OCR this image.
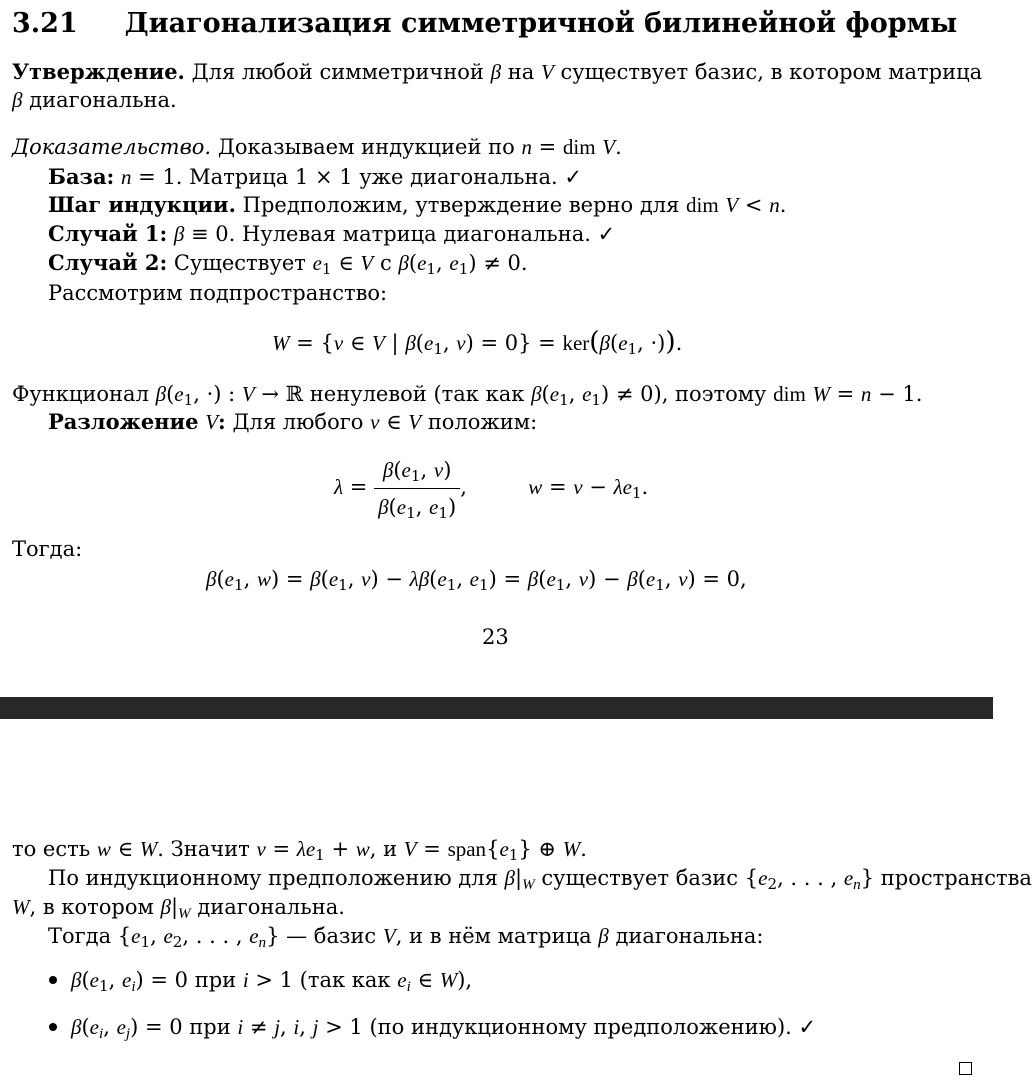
3.21 Диагонализация симметричной билинейной формы
Утверждение. Для любой симметричной β на V существует базис, в котором матрица
β диагональна.
Доказательство. Доказываем индукцией по n = dim V.
База: n = 1. Матрица 1 × 1 уже диагональна. ✓
Шаг индукции. Предположим, утверждение верно для dim V < n.
Случай 1: β ≡ 0. Нулевая матрица диагональна. ✓
Случай 2: Существует $e_1$ ∈ V с $\beta(e_1$, $e_1) \ne 0$.
Рассмотрим подпространство:
W = {v ∈ V | $\beta(e_1$, $v) = 0\} = ker(\beta(e_1$, ·)).
Функционал $\beta(e_1$, ·) : V → ℝ ненулевой (так как $\beta(e_1$, $e_1) \ne 0$), поэтому dim W = n − 1.
Разложение V: Для любого v ∈ V положим:
$\lambda = \frac{\beta(e_1, v)}{\beta(e_1, e_1)}$ ,	$w = v - \lambda e_1$.
Тогда:
$\beta(e_1$, $w) = \beta(e_1$, $v) - \lambda\beta(e_1$, $e_1) = \beta(e_1$, $v) - \beta(e_1$, v) = 0,
23
то есть w ∈ W. Значит $v = \lambda e_1 + w$, и $V = span\{e_1\}$ ⊕ W.
По индукционному предположению для $\beta|_W$ существует базис {$e_2$, . . . , $e_n$} пространства
W, в котором $\beta|_W$ диагональна.
Тогда {$e_1$, $e_2$, . . . , $e_n$} — базис V, и в нём матрица β диагональна:
$\beta(e_1$, $e_i) = 0$ при i > 1 (так как $e_i$ ∈ W),
$\beta(e_i$, $e_j) = 0$ при i ≠ j, i, j > 1 (по индукционному предположению). ✓
